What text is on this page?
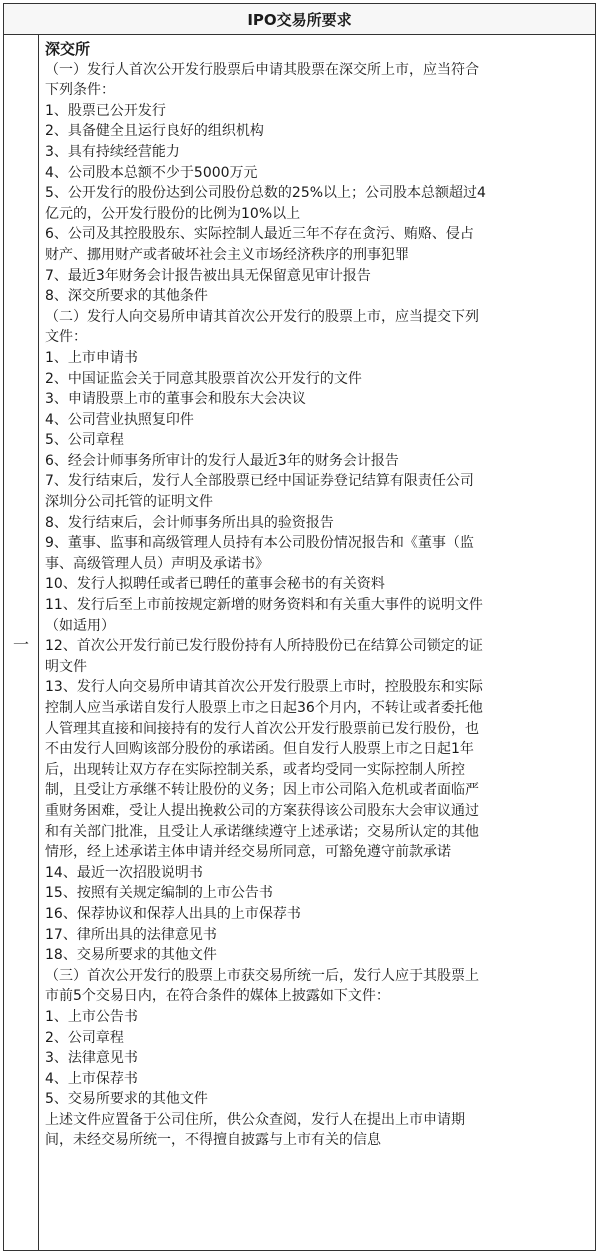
IPO交易所要求
一
深交所
（一）发行人首次公开发行股票后申请其股票在深交所上市，应当符合
下列条件：
1、股票已公开发行
2、具备健全且运行良好的组织机构
3、具有持续经营能力
4、公司股本总额不少于5000万元
5、公开发行的股份达到公司股份总数的25%以上；公司股本总额超过4
亿元的，公开发行股份的比例为10%以上
6、公司及其控股股东、实际控制人最近三年不存在贪污、贿赂、侵占
财产、挪用财产或者破坏社会主义市场经济秩序的刑事犯罪
7、最近3年财务会计报告被出具无保留意见审计报告
8、深交所要求的其他条件
（二）发行人向交易所申请其首次公开发行的股票上市，应当提交下列
文件：
1、上市申请书
2、中国证监会关于同意其股票首次公开发行的文件
3、申请股票上市的董事会和股东大会决议
4、公司营业执照复印件
5、公司章程
6、经会计师事务所审计的发行人最近3年的财务会计报告
7、发行结束后，发行人全部股票已经中国证券登记结算有限责任公司
深圳分公司托管的证明文件
8、发行结束后，会计师事务所出具的验资报告
9、董事、监事和高级管理人员持有本公司股份情况报告和《董事（监
事、高级管理人员）声明及承诺书》
10、发行人拟聘任或者已聘任的董事会秘书的有关资料
11、发行后至上市前按规定新增的财务资料和有关重大事件的说明文件
（如适用）
12、首次公开发行前已发行股份持有人所持股份已在结算公司锁定的证
明文件
13、发行人向交易所申请其首次公开发行股票上市时，控股股东和实际
控制人应当承诺自发行人股票上市之日起36个月内，不转让或者委托他
人管理其直接和间接持有的发行人首次公开发行股票前已发行股份，也
不由发行人回购该部分股份的承诺函。但自发行人股票上市之日起1年
后，出现转让双方存在实际控制关系，或者均受同一实际控制人所控
制，且受让方承继不转让股份的义务；因上市公司陷入危机或者面临严
重财务困难，受让人提出挽救公司的方案获得该公司股东大会审议通过
和有关部门批准，且受让人承诺继续遵守上述承诺；交易所认定的其他
情形，经上述承诺主体申请并经交易所同意，可豁免遵守前款承诺
14、最近一次招股说明书
15、按照有关规定编制的上市公告书
16、保荐协议和保荐人出具的上市保荐书
17、律所出具的法律意见书
18、交易所要求的其他文件
（三）首次公开发行的股票上市获交易所统一后，发行人应于其股票上
市前5个交易日内，在符合条件的媒体上披露如下文件：
1、上市公告书
2、公司章程
3、法律意见书
4、上市保荐书
5、交易所要求的其他文件
上述文件应置备于公司住所，供公众查阅，发行人在提出上市申请期
间，未经交易所统一，不得擅自披露与上市有关的信息
